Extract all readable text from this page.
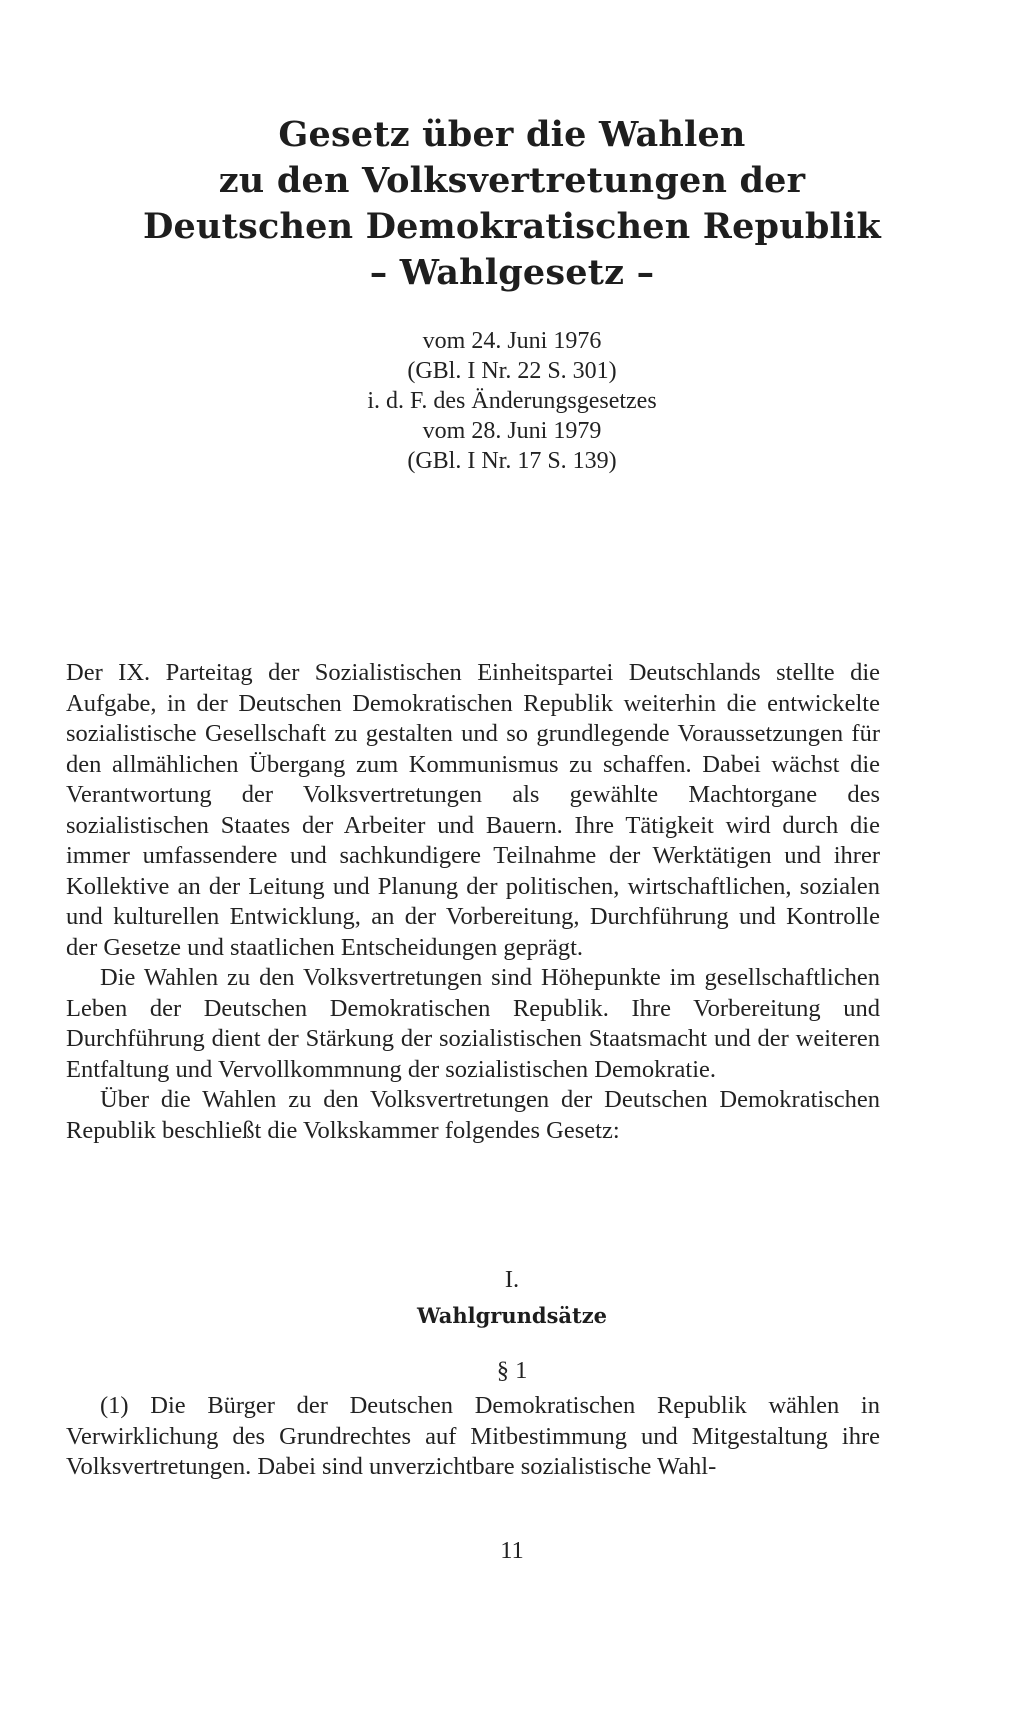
Gesetz über die Wahlen
zu den Volksvertretungen der
Deutschen Demokratischen Republik
– Wahlgesetz –
vom 24. Juni 1976
(GBl. I Nr. 22 S. 301)
i. d. F. des Änderungsgesetzes
vom 28. Juni 1979
(GBl. I Nr. 17 S. 139)

Der IX. Parteitag der Sozialistischen Einheitspartei Deutschlands stellte die Aufgabe, in der Deutschen Demokratischen Republik weiterhin die entwickelte sozialistische Gesellschaft zu gestalten und so grundlegende Voraussetzungen für den allmählichen Übergang zum Kommunismus zu schaffen. Dabei wächst die Verantwortung der Volksvertretungen als gewählte Machtorgane des sozialistischen Staates der Arbeiter und Bauern. Ihre Tätigkeit wird durch die immer umfassendere und sachkundigere Teilnahme der Werktätigen und ihrer Kollektive an der Leitung und Planung der politischen, wirtschaftlichen, sozialen und kulturellen Entwicklung, an der Vorbereitung, Durchführung und Kontrolle der Gesetze und staatlichen Entscheidungen geprägt.

Die Wahlen zu den Volksvertretungen sind Höhepunkte im gesellschaftlichen Leben der Deutschen Demokratischen Republik. Ihre Vorbereitung und Durchführung dient der Stärkung der sozialistischen Staatsmacht und der weiteren Entfaltung und Vervollkommnung der sozialistischen Demokratie.

Über die Wahlen zu den Volksvertretungen der Deutschen Demokratischen Republik beschließt die Volkskammer folgendes Gesetz:

I.
Wahlgrundsätze
§ 1

(1) Die Bürger der Deutschen Demokratischen Republik wählen in Verwirklichung des Grundrechtes auf Mitbestimmung und Mitgestaltung ihre Volksvertretungen. Dabei sind unverzichtbare sozialistische Wahl-

11
